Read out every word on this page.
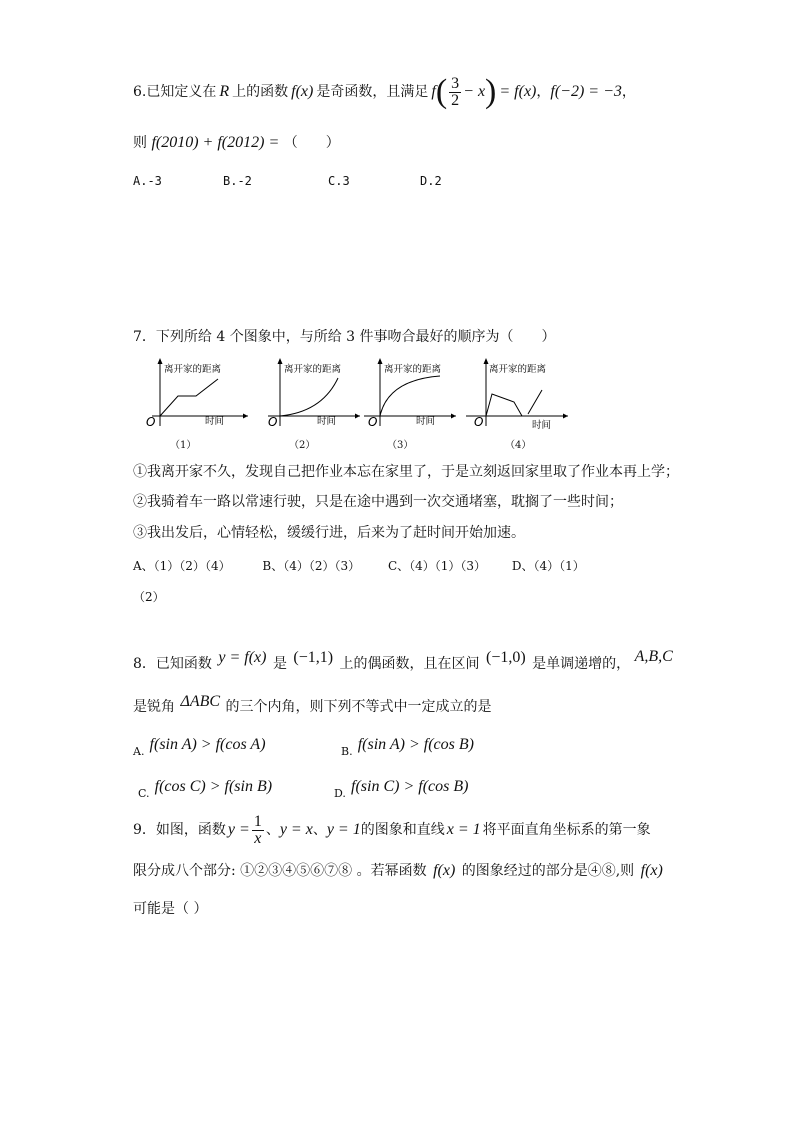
6 .已知定义在 R 上的函数 f(x) 是奇函数，且满足 f ( $\frac{3}{2} - x$ ) = f(x) ， f(−2) = −3 ，
则 f(2010) + f(2012) = （　　）
A.-3	B.-2	C.3	D.2
7．下列所给 4 个图象中，与所给 3 件事吻合最好的顺序为（　　）
离开家的距离
时间
O
（1）
离开家的距离
时间
O
（2）
离开家的距离
时间
O
（3）
离开家的距离
时间
O
（4）
①我离开家不久，发现自己把作业本忘在家里了，于是立刻返回家里取了作业本再上学；
②我骑着车一路以常速行驶，只是在途中遇到一次交通堵塞，耽搁了一些时间；
③我出发后，心情轻松，缓缓行进，后来为了赶时间开始加速。
A、（1）（2）（4）	B、（4）（2）（3） C、（4）（1）（3） D、（4）（1）
（2）
8．已知函数 y = f(x) 是 (−1,1) 上的偶函数，且在区间 (−1,0) 是单调递增的， A,B,C
是锐角 ΔABC 的三个内角，则下列不等式中一定成立的是
$_{A.}$ f(sin A) > f(cos A)	$_{B.}$ f(sin A) > f(cos B)
$_{C.}$ f(cos C) > f(sin B)	$_{D.}$ f(sin C) > f(cos B)
9．如图，函数 $y = \frac{1}{x}$ 、 y = x 、 y = 1 的图象和直线 x = 1 将平面直角坐标系的第一象
限分成八个部分: ①②③④⑤⑥⑦⑧ 。若幂函数 f(x) 的图象经过的部分是④⑧,则 f(x)
可能是（ ）
